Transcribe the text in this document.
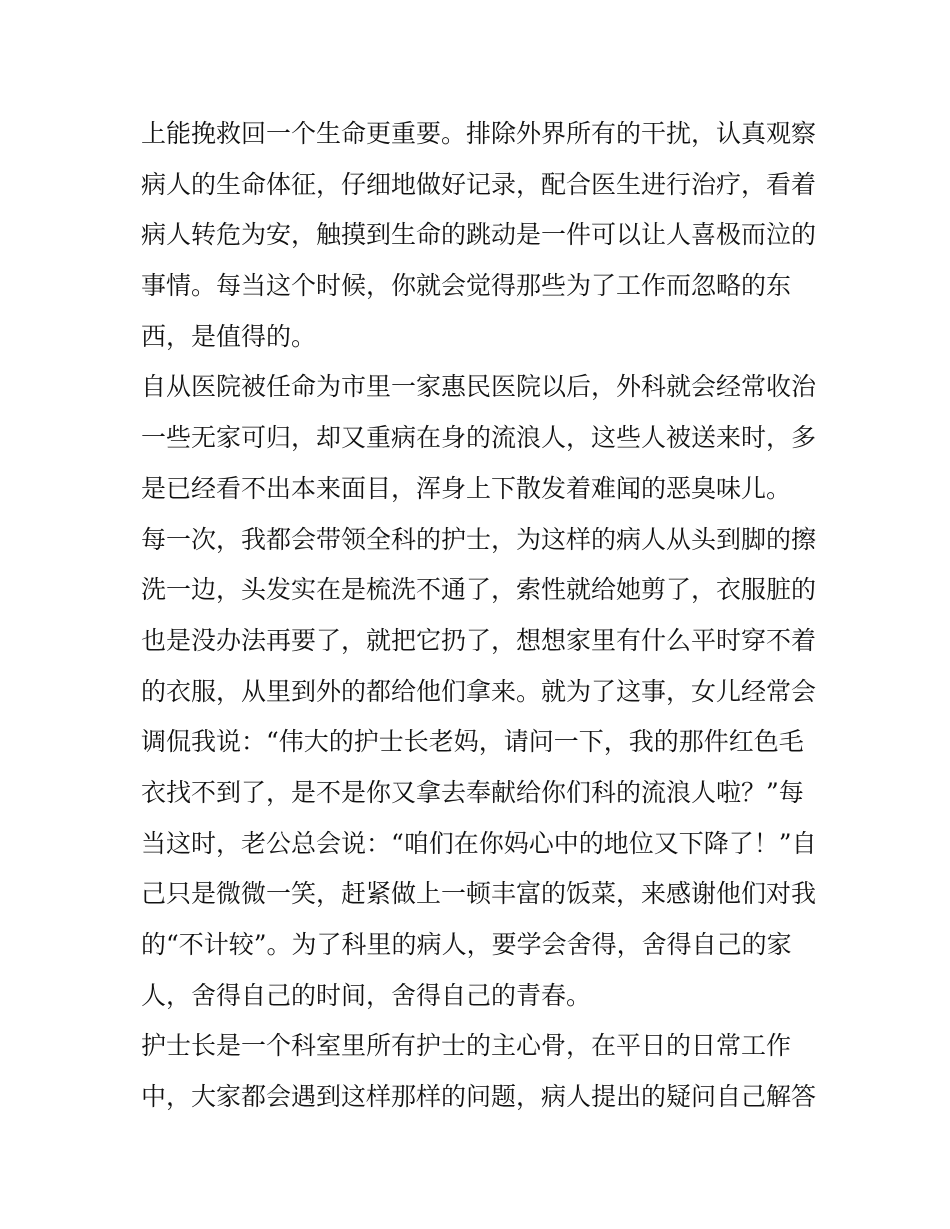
上能挽救回一个生命更重要。排除外界所有的干扰，认真观察
病人的生命体征，仔细地做好记录，配合医生进行治疗，看着
病人转危为安，触摸到生命的跳动是一件可以让人喜极而泣的
事情。每当这个时候，你就会觉得那些为了工作而忽略的东
西，是值得的。
自从医院被任命为市里一家惠民医院以后，外科就会经常收治
一些无家可归，却又重病在身的流浪人，这些人被送来时，多
是已经看不出本来面目，浑身上下散发着难闻的恶臭味儿。
每一次，我都会带领全科的护士，为这样的病人从头到脚的擦
洗一边，头发实在是梳洗不通了，索性就给她剪了，衣服脏的
也是没办法再要了，就把它扔了，想想家里有什么平时穿不着
的衣服，从里到外的都给他们拿来。就为了这事，女儿经常会
调侃我说：“伟大的护士长老妈，请问一下，我的那件红色毛
衣找不到了，是不是你又拿去奉献给你们科的流浪人啦？”每
当这时，老公总会说：“咱们在你妈心中的地位又下降了！”自
己只是微微一笑，赶紧做上一顿丰富的饭菜，来感谢他们对我
的“不计较”。为了科里的病人，要学会舍得，舍得自己的家
人，舍得自己的时间，舍得自己的青春。
护士长是一个科室里所有护士的主心骨，在平日的日常工作
中，大家都会遇到这样那样的问题，病人提出的疑问自己解答
